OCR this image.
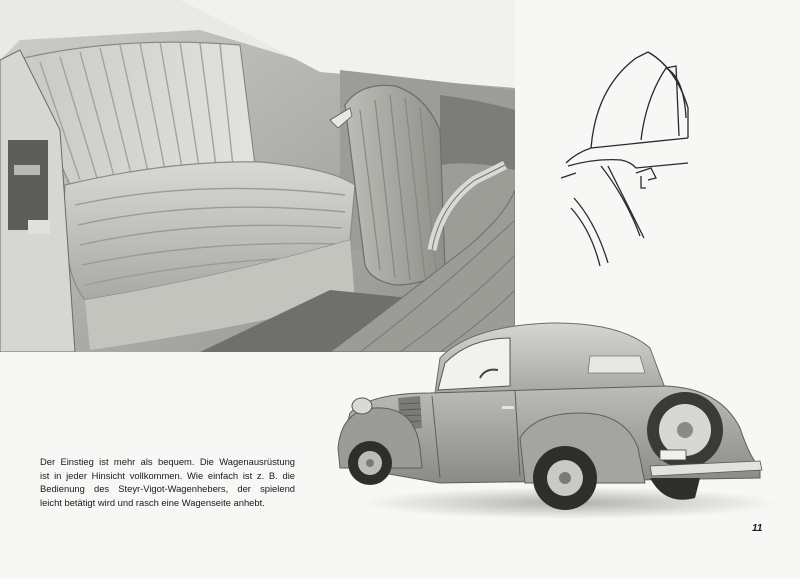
Der Einstieg ist mehr als bequem. Die Wagenausrüstung
ist in jeder Hinsicht vollkommen. Wie einfach ist z. B. die
Bedienung des Steyr-Vigot-Wagenhebers, der spielend
leicht betätigt wird und rasch eine Wagenseite anhebt.

11
